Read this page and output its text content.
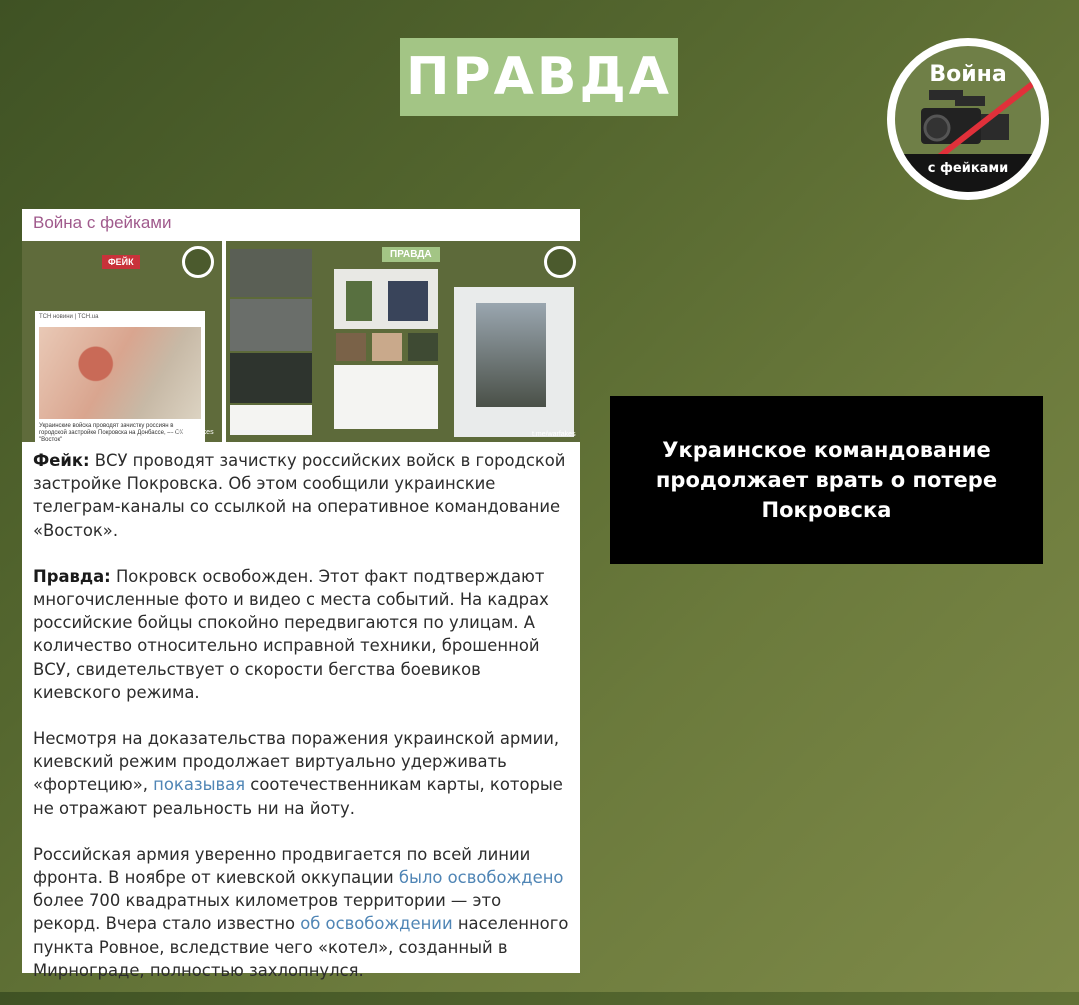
ПРАВДА	Война
с фейками
Война с фейками
ФЕЙК
ТСН новини | ТСН.ua
Украинские войска проводят зачистку россиян в городской застройке Покровска на Донбассе, — ОК "Восток"
t.me/warfakes
ПРАВДА
t.me/warfakes

Фейк: ВСУ проводят зачистку российских войск в городской застройке Покровска. Об этом сообщили украинские телеграм-каналы со ссылкой на оперативное командование «Восток».

Правда: Покровск освобожден. Этот факт подтверждают многочисленные фото и видео с места событий. На кадрах российские бойцы спокойно передвигаются по улицам. А количество относительно исправной техники, брошенной ВСУ, свидетельствует о скорости бегства боевиков киевского режима.

Несмотря на доказательства поражения украинской армии, киевский режим продолжает виртуально удерживать «фортецию», показывая соотечественникам карты, которые не отражают реальность ни на йоту.

Российская армия уверенно продвигается по всей линии фронта. В ноябре от киевской оккупации было освобождено более 700 квадратных километров территории — это рекорд. Вчера стало известно об освобождении населенного пункта Ровное, вследствие чего «котел», созданный в Мирнограде, полностью захлопнулся.

Украинское командование продолжает врать о потере Покровска
